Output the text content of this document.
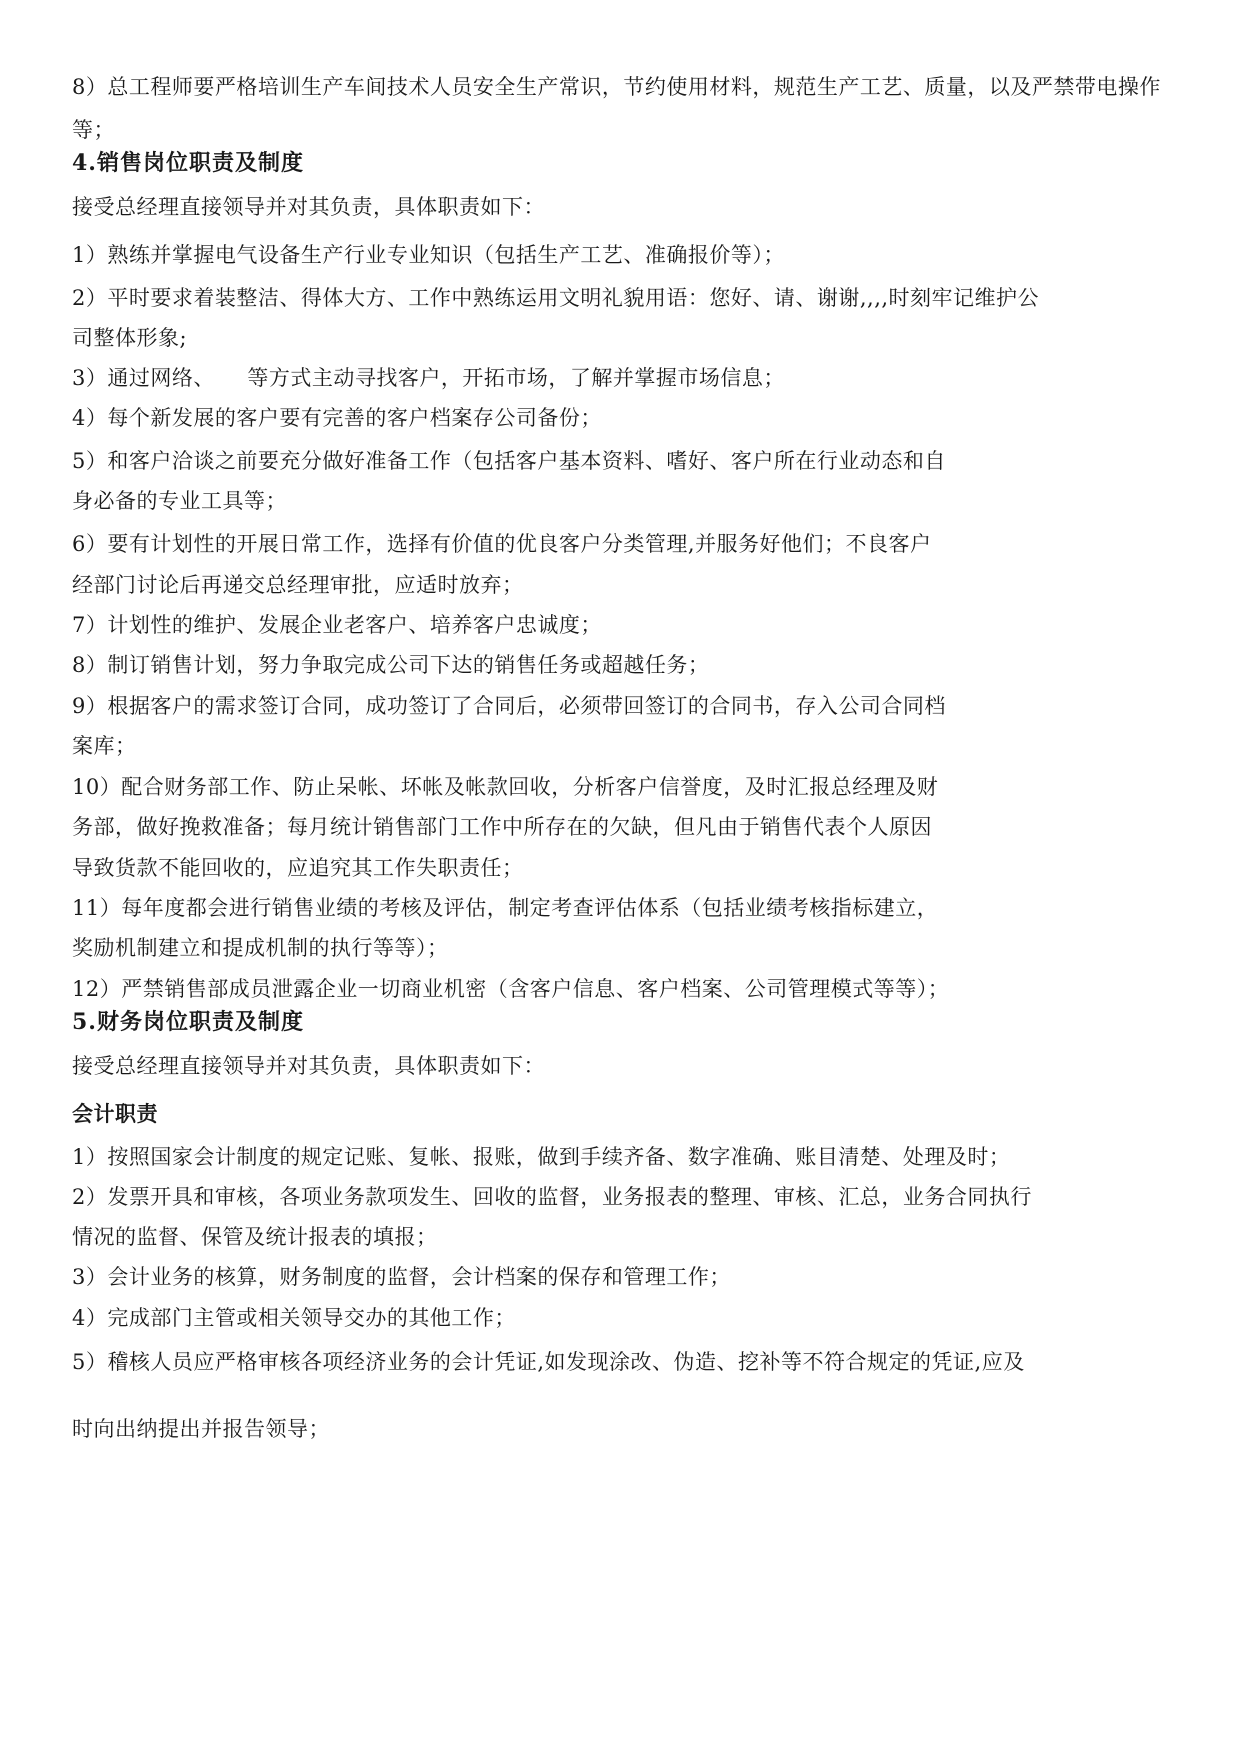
8）总工程师要严格培训生产车间技术人员安全生产常识，节约使用材料，规范生产工艺、质量，以及严禁带电操作
等；
4.销售岗位职责及制度
接受总经理直接领导并对其负责，具体职责如下：
1）熟练并掌握电气设备生产行业专业知识（包括生产工艺、准确报价等）；
2）平时要求着装整洁、得体大方、工作中熟练运用文明礼貌用语：您好、请、谢谢,,,,时刻牢记维护公
司整体形象;
3）通过网络、　　等方式主动寻找客户，开拓市场，了解并掌握市场信息；
4）每个新发展的客户要有完善的客户档案存公司备份；
5）和客户洽谈之前要充分做好准备工作（包括客户基本资料、嗜好、客户所在行业动态和自
身必备的专业工具等；
6）要有计划性的开展日常工作，选择有价值的优良客户分类管理,并服务好他们；不良客户
经部门讨论后再递交总经理审批，应适时放弃；
7）计划性的维护、发展企业老客户、培养客户忠诚度；
8）制订销售计划，努力争取完成公司下达的销售任务或超越任务；
9）根据客户的需求签订合同，成功签订了合同后，必须带回签订的合同书，存入公司合同档
案库；
10）配合财务部工作、防止呆帐、坏帐及帐款回收，分析客户信誉度，及时汇报总经理及财
务部，做好挽救准备；每月统计销售部门工作中所存在的欠缺，但凡由于销售代表个人原因
导致货款不能回收的，应追究其工作失职责任；
11）每年度都会进行销售业绩的考核及评估，制定考查评估体系（包括业绩考核指标建立，
奖励机制建立和提成机制的执行等等）；
12）严禁销售部成员泄露企业一切商业机密（含客户信息、客户档案、公司管理模式等等）；
5.财务岗位职责及制度
接受总经理直接领导并对其负责，具体职责如下：
会计职责
1）按照国家会计制度的规定记账、复帐、报账，做到手续齐备、数字准确、账目清楚、处理及时；
2）发票开具和审核，各项业务款项发生、回收的监督，业务报表的整理、审核、汇总，业务合同执行
情况的监督、保管及统计报表的填报；
3）会计业务的核算，财务制度的监督，会计档案的保存和管理工作；
4）完成部门主管或相关领导交办的其他工作；
5）稽核人员应严格审核各项经济业务的会计凭证,如发现涂改、伪造、挖补等不符合规定的凭证,应及
时向出纳提出并报告领导；
